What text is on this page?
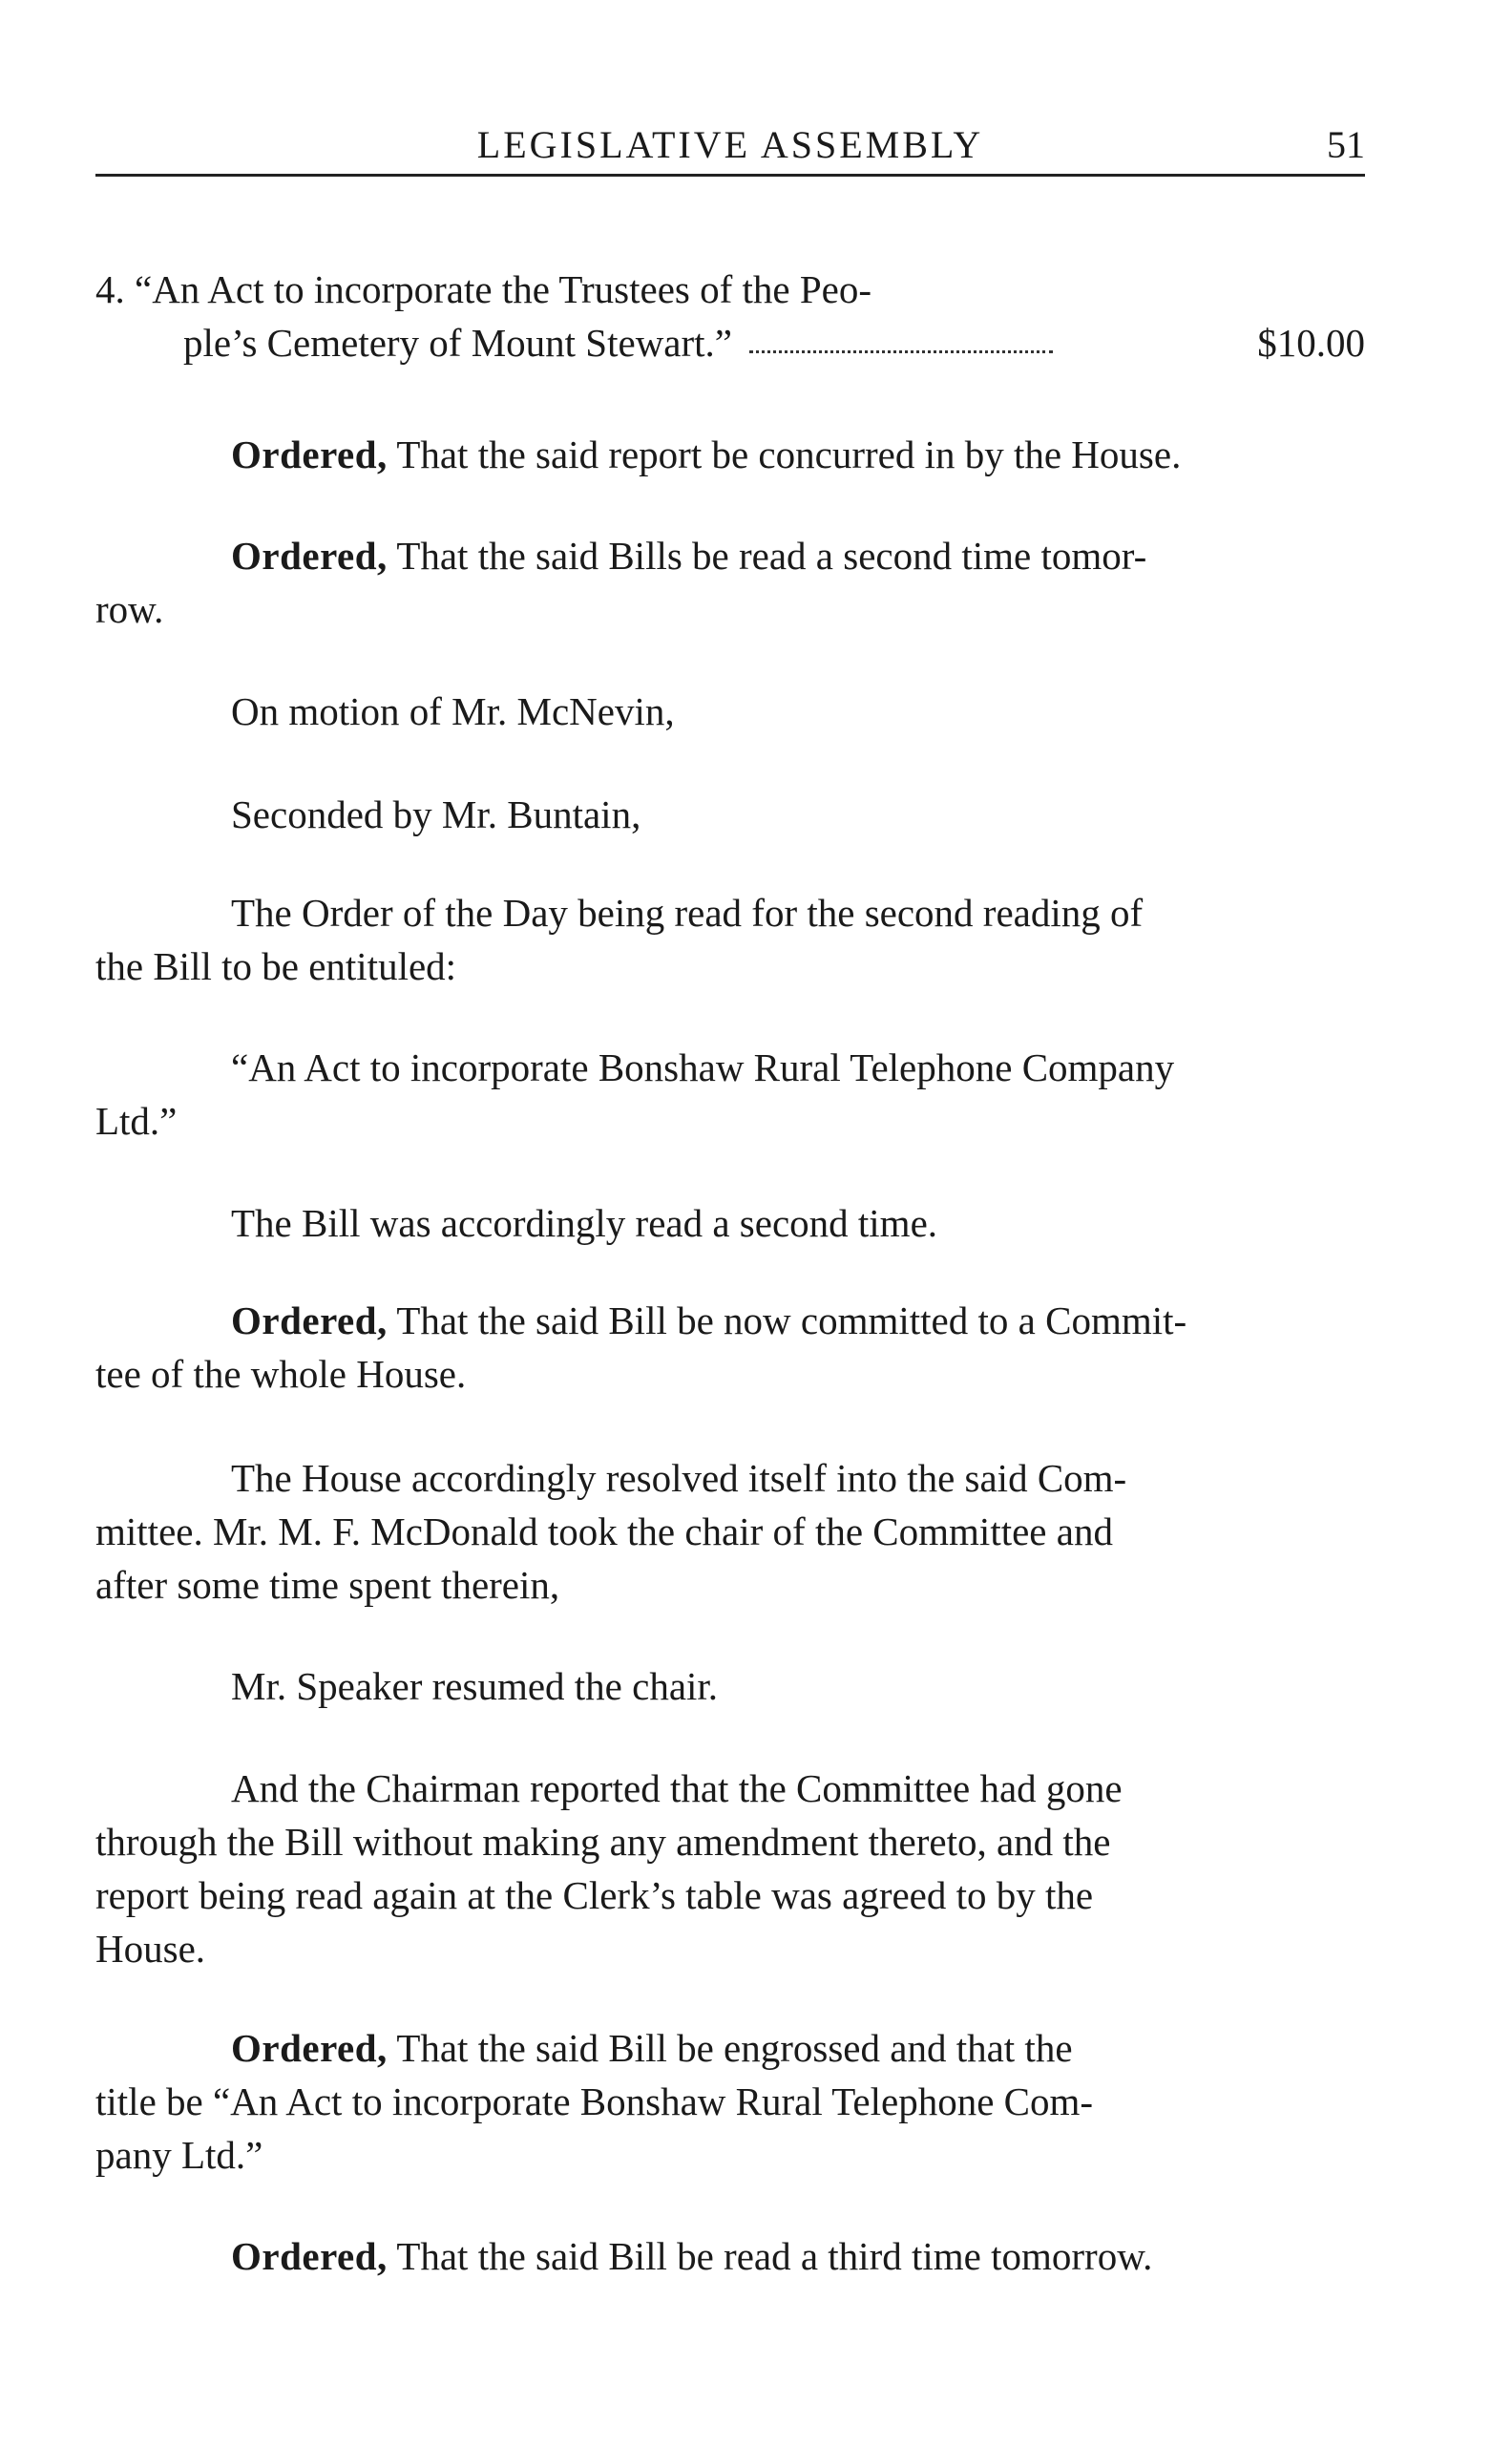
LEGISLATIVE ASSEMBLY	51
4. “An Act to incorporate the Trustees of the Peo-
ple’s Cemetery of Mount Stewart.”	$10.00
Ordered, That the said report be concurred in by the House.
Ordered, That the said Bills be read a second time tomor-
row.
On motion of Mr. McNevin,
Seconded by Mr. Buntain,
The Order of the Day being read for the second reading of
the Bill to be entituled:
“An Act to incorporate Bonshaw Rural Telephone Company
Ltd.”
The Bill was accordingly read a second time.
Ordered, That the said Bill be now committed to a Commit-
tee of the whole House.
The House accordingly resolved itself into the said Com-
mittee. Mr. M. F. McDonald took the chair of the Committee and
after some time spent therein,
Mr. Speaker resumed the chair.
And the Chairman reported that the Committee had gone
through the Bill without making any amendment thereto, and the
report being read again at the Clerk’s table was agreed to by the
House.
Ordered, That the said Bill be engrossed and that the
title be “An Act to incorporate Bonshaw Rural Telephone Com-
pany Ltd.”
Ordered, That the said Bill be read a third time tomorrow.
